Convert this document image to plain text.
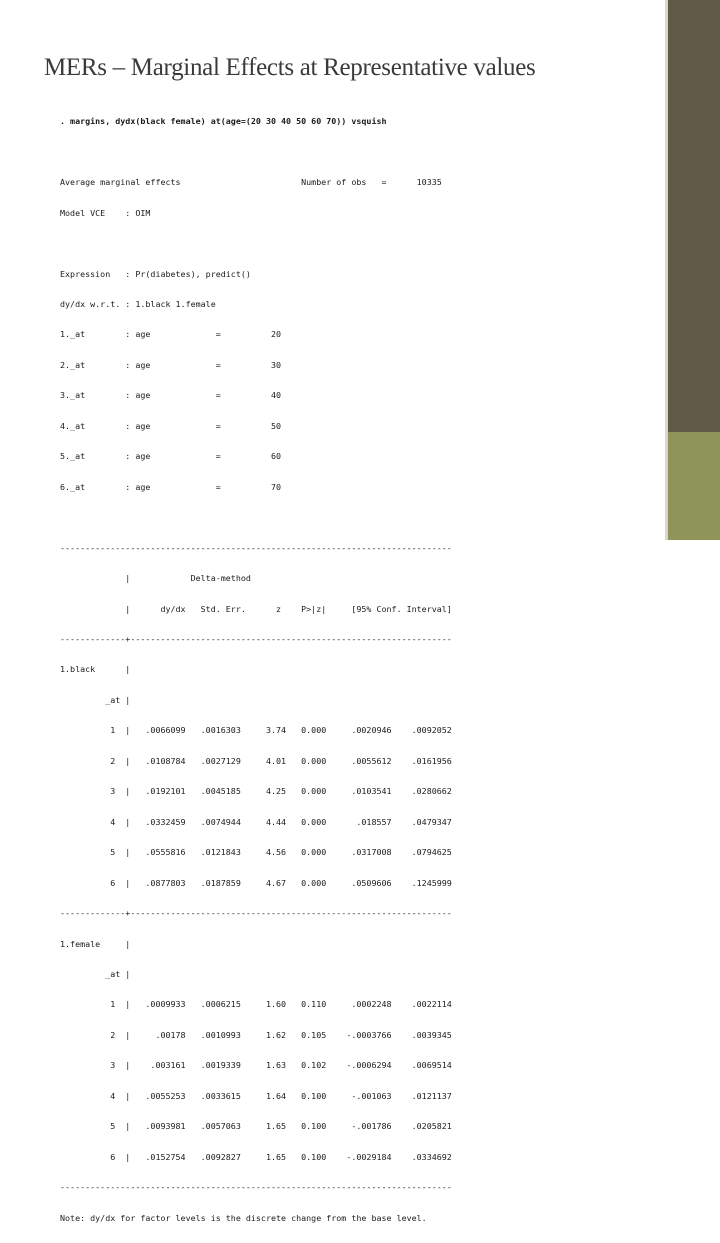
MERs – Marginal Effects at Representative values

. margins, dydx(black female) at(age=(20 30 40 50 60 70)) vsquish

Average marginal effects                        Number of obs   =      10335

Model VCE    : OIM

Expression   : Pr(diabetes), predict()

dy/dx w.r.t. : 1.black 1.female

1._at        : age             =          20

2._at        : age             =          30

3._at        : age             =          40

4._at        : age             =          50

5._at        : age             =          60

6._at        : age             =          70

------------------------------------------------------------------------------

|            Delta-method

|      dy/dx   Std. Err.      z    P>|z|     [95% Conf. Interval]

-------------+----------------------------------------------------------------

1.black      |

_at |

1  |   .0066099   .0016303     3.74   0.000     .0020946    .0092052

2  |   .0108784   .0027129     4.01   0.000     .0055612    .0161956

3  |   .0192101   .0045185     4.25   0.000     .0103541    .0280662

4  |   .0332459   .0074944     4.44   0.000      .018557    .0479347

5  |   .0555816   .0121843     4.56   0.000     .0317008    .0794625

6  |   .0877803   .0187859     4.67   0.000     .0509606    .1245999

-------------+----------------------------------------------------------------

1.female     |

_at |

1  |   .0009933   .0006215     1.60   0.110     .0002248    .0022114

2  |     .00178   .0010993     1.62   0.105    -.0003766    .0039345

3  |    .003161   .0019339     1.63   0.102    -.0006294    .0069514

4  |   .0055253   .0033615     1.64   0.100     -.001063    .0121137

5  |   .0093981   .0057063     1.65   0.100     -.001786    .0205821

6  |   .0152754   .0092827     1.65   0.100    -.0029184    .0334692

------------------------------------------------------------------------------

Note: dy/dx for factor levels is the discrete change from the base level.
